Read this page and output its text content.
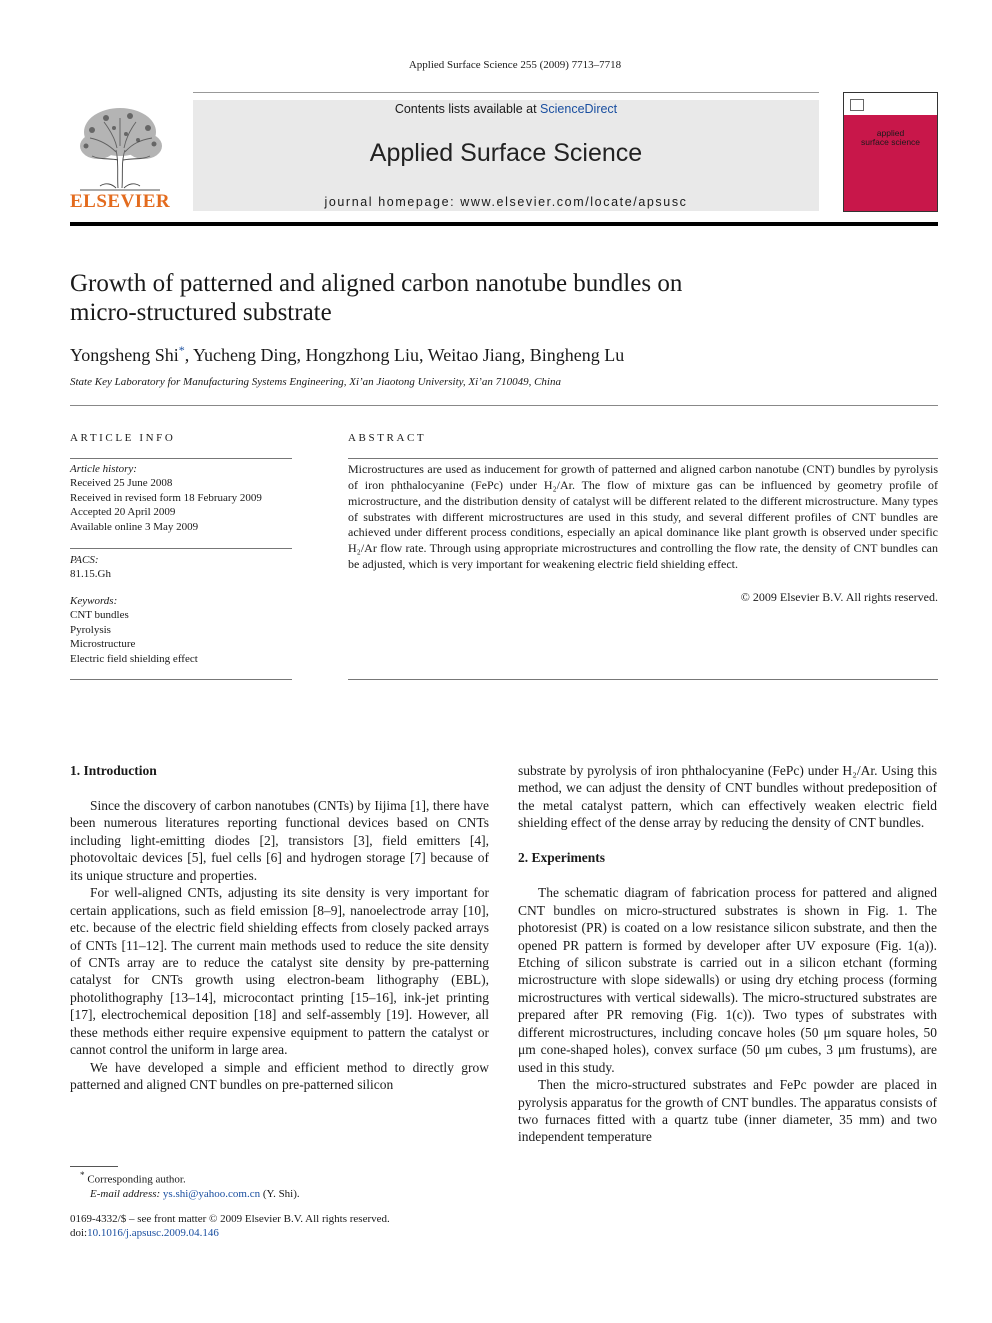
Applied Surface Science 255 (2009) 7713–7718
Contents lists available at ScienceDirect
Applied Surface Science
journal homepage: www.elsevier.com/locate/apsusc
ELSEVIER
applied
surface science
Growth of patterned and aligned carbon nanotube bundles on
micro-structured substrate
Yongsheng Shi*, Yucheng Ding, Hongzhong Liu, Weitao Jiang, Bingheng Lu
State Key Laboratory for Manufacturing Systems Engineering, Xi’an Jiaotong University, Xi’an 710049, China
ARTICLE INFO	ABSTRACT
Article history:
Received 25 June 2008
Received in revised form 18 February 2009
Accepted 20 April 2009
Available online 3 May 2009
PACS:
81.15.Gh
Keywords:
CNT bundles
Pyrolysis
Microstructure
Electric field shielding effect
Microstructures are used as inducement for growth of patterned and aligned carbon nanotube (CNT) bundles by pyrolysis of iron phthalocyanine (FePc) under H₂/Ar. The flow of mixture gas can be influenced by geometry profile of microstructure, and the distribution density of catalyst will be different related to the different microstructure. Many types of substrates with different microstructures are used in this study, and several different profiles of CNT bundles are achieved under different process conditions, especially an apical dominance like plant growth is observed under specific H₂/Ar flow rate. Through using appropriate microstructures and controlling the flow rate, the density of CNT bundles can be adjusted, which is very important for weakening electric field shielding effect.
© 2009 Elsevier B.V. All rights reserved.
1. Introduction

Since the discovery of carbon nanotubes (CNTs) by Iijima [1], there have been numerous literatures reporting functional devices based on CNTs including light-emitting diodes [2], transistors [3], field emitters [4], photovoltaic devices [5], fuel cells [6] and hydrogen storage [7] because of its unique structure and properties.

For well-aligned CNTs, adjusting its site density is very important for certain applications, such as field emission [8–9], nanoelectrode array [10], etc. because of the electric field shielding effects from closely packed arrays of CNTs [11–12]. The current main methods used to reduce the site density of CNTs array are to reduce the catalyst site density by pre-patterning catalyst for CNTs growth using electron-beam lithography (EBL), photolithography [13–14], microcontact printing [15–16], ink-jet printing [17], electrochemical deposition [18] and self-assembly [19]. However, all these methods either require expensive equipment to pattern the catalyst or cannot control the uniform in large area.

We have developed a simple and efficient method to directly grow patterned and aligned CNT bundles on pre-patterned silicon

substrate by pyrolysis of iron phthalocyanine (FePc) under H₂/Ar. Using this method, we can adjust the density of CNT bundles without predeposition of the metal catalyst pattern, which can effectively weaken electric field shielding effect of the dense array by reducing the density of CNT bundles.

2. Experiments

The schematic diagram of fabrication process for pattered and aligned CNT bundles on micro-structured substrates is shown in Fig. 1. The photoresist (PR) is coated on a low resistance silicon substrate, and then the opened PR pattern is formed by developer after UV exposure (Fig. 1(a)). Etching of silicon substrate is carried out in a silicon etchant (forming microstructure with slope sidewalls) or using dry etching process (forming microstructures with vertical sidewalls). The micro-structured substrates are prepared after PR removing (Fig. 1(c)). Two types of substrates with different microstructures, including concave holes (50 μm square holes, 50 μm cone-shaped holes), convex surface (50 μm cubes, 3 μm frustums), are used in this study.

Then the micro-structured substrates and FePc powder are placed in pyrolysis apparatus for the growth of CNT bundles. The apparatus consists of two furnaces fitted with a quartz tube (inner diameter, 35 mm) and two independent temperature

* Corresponding author.
E-mail address: ys.shi@yahoo.com.cn (Y. Shi).
0169-4332/$ – see front matter © 2009 Elsevier B.V. All rights reserved.
doi:10.1016/j.apsusc.2009.04.146
